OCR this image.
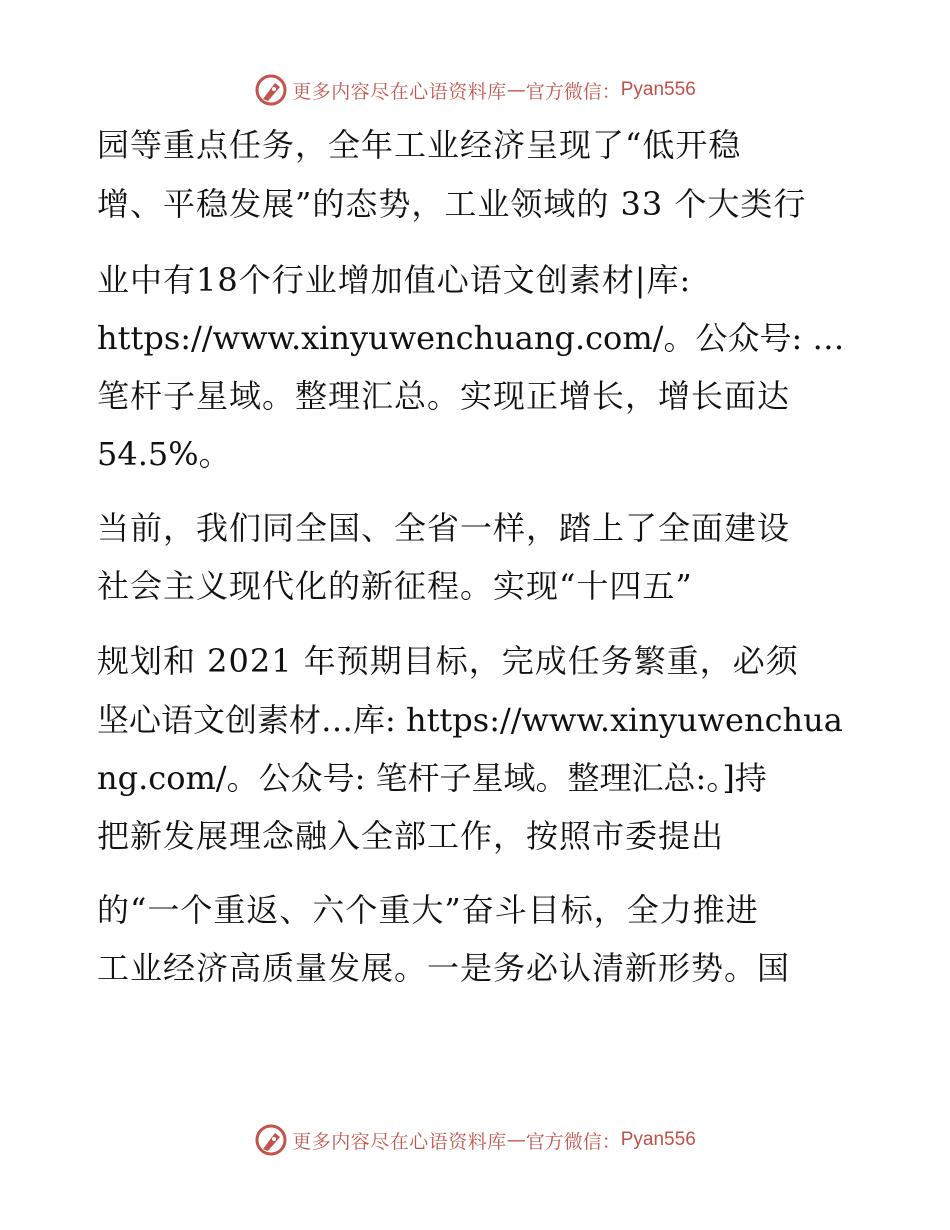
更多内容尽在心语资料库 — 官方微信： Pyan556
园等重点任务，全年工业经济呈现了“低开稳
增、平稳发展”的态势，工业领域的 33 个大类行
业中有18个行业增加值心语文创素材|库:
https://www.xinyuwenchuang.com/。公众号: …
笔杆子星域。整理汇总。实现正增长，增长面达
54.5%。
当前，我们同全国、全省一样，踏上了全面建设
社会主义现代化的新征程。实现“十四五”
规划和 2021 年预期目标，完成任务繁重，必须
坚心语文创素材…库: https://www.xinyuwenchua
ng.com/。公众号: 笔杆子星域。整理汇总:。]持
把新发展理念融入全部工作，按照市委提出
的“一个重返、六个重大”奋斗目标，全力推进
工业经济高质量发展。一是务必认清新形势。国
更多内容尽在心语资料库 — 官方微信： Pyan556
